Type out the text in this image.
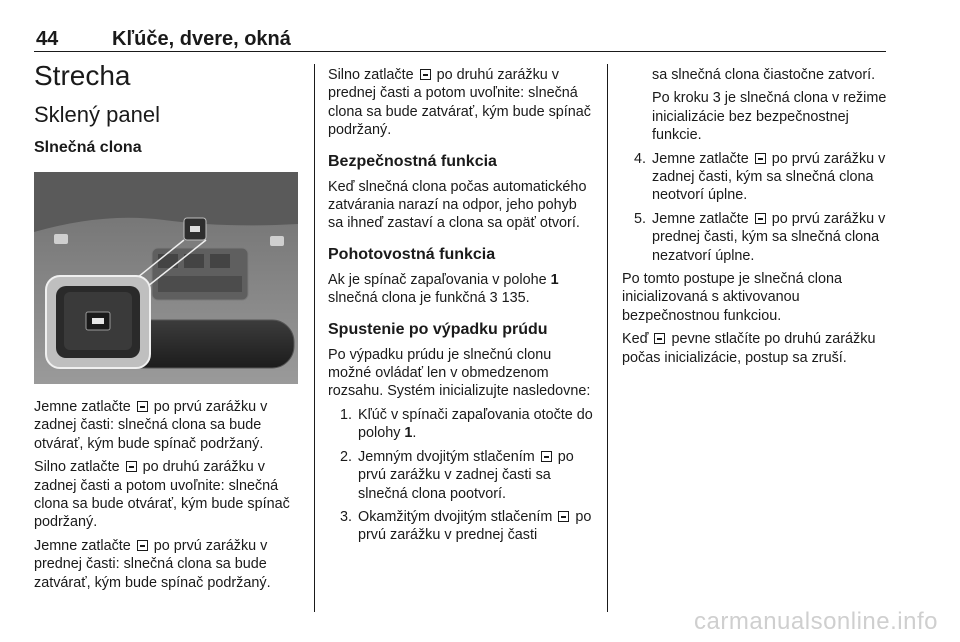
44	Kľúče, dvere, okná
Strecha
Sklený panel
Slnečná clona

Jemne zatlačte po prvú zarážku v zadnej časti: slnečná clona sa bude otvárať, kým bude spínač podržaný.

Silno zatlačte po druhú zarážku v zadnej časti a potom uvoľnite: slnečná clona sa bude otvárať, kým bude spínač podržaný.

Jemne zatlačte po prvú zarážku v prednej časti: slnečná clona sa bude zatvárať, kým bude spínač podržaný.

Silno zatlačte po druhú zarážku v prednej časti a potom uvoľnite: slnečná clona sa bude zatvárať, kým bude spínač podržaný.

Bezpečnostná funkcia

Keď slnečná clona počas automatického zatvárania narazí na odpor, jeho pohyb sa ihneď zastaví a clona sa opäť otvorí.

Pohotovostná funkcia

Ak je spínač zapaľovania v polohe 1 slnečná clona je funkčná 3 135.

Spustenie po výpadku prúdu

Po výpadku prúdu je slnečnú clonu možné ovládať len v obmedzenom rozsahu. Systém inicializujte nasledovne:

1. Kľúč v spínači zapaľovania otočte do polohy 1.
2. Jemným dvojitým stlačením po prvú zarážku v zadnej časti sa slnečná clona pootvorí.
3. Okamžitým dvojitým stlačením po prvú zarážku v prednej časti
sa slnečná clona čiastočne zatvorí.
Po kroku 3 je slnečná clona v režime inicializácie bez bezpečnostnej funkcie.
4. Jemne zatlačte po prvú zarážku v zadnej časti, kým sa slnečná clona neotvorí úplne.
5. Jemne zatlačte po prvú zarážku v prednej časti, kým sa slnečná clona nezatvorí úplne.

Po tomto postupe je slnečná clona inicializovaná s aktivovanou bezpečnostnou funkciou.

Keď pevne stlačíte po druhú zarážku počas inicializácie, postup sa zruší.

carmanualsonline.info
